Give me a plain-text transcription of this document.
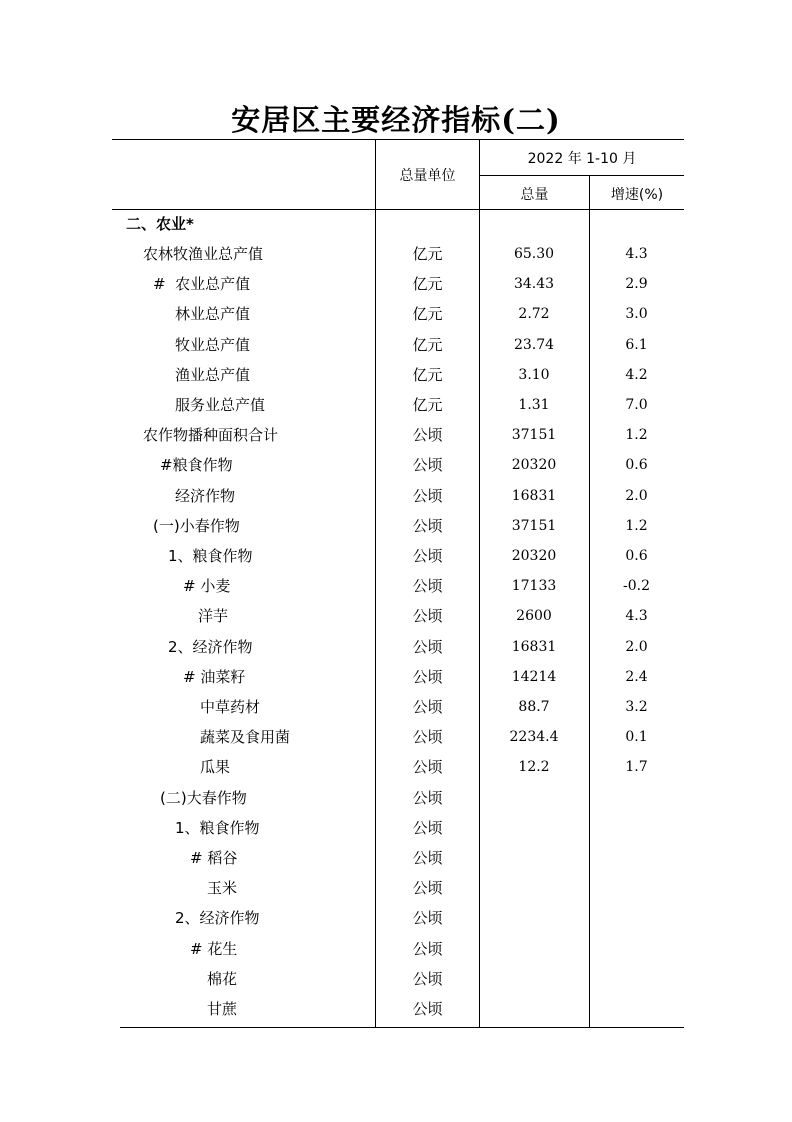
安居区主要经济指标(二)
总量单位
2022 年 1-10 月
总量	增速(%)
二、农业*
农林牧渔业总产值	亿元	65.30	4.3
#  农业总产值	亿元	34.43	2.9
林业总产值	亿元	2.72	3.0
牧业总产值	亿元	23.74	6.1
渔业总产值	亿元	3.10	4.2
服务业总产值	亿元	1.31	7.0
农作物播种面积合计	公顷	37151	1.2
#粮食作物	公顷	20320	0.6
经济作物	公顷	16831	2.0
(一)小春作物	公顷	37151	1.2
1、粮食作物	公顷	20320	0.6
# 小麦	公顷	17133	-0.2
洋芋	公顷	2600	4.3
2、经济作物	公顷	16831	2.0
# 油菜籽	公顷	14214	2.4
中草药材	公顷	88.7	3.2
蔬菜及食用菌	公顷	2234.4	0.1
瓜果	公顷	12.2	1.7
(二)大春作物	公顷
1、粮食作物	公顷
# 稻谷	公顷
玉米	公顷
2、经济作物	公顷
# 花生	公顷
棉花	公顷
甘蔗	公顷
